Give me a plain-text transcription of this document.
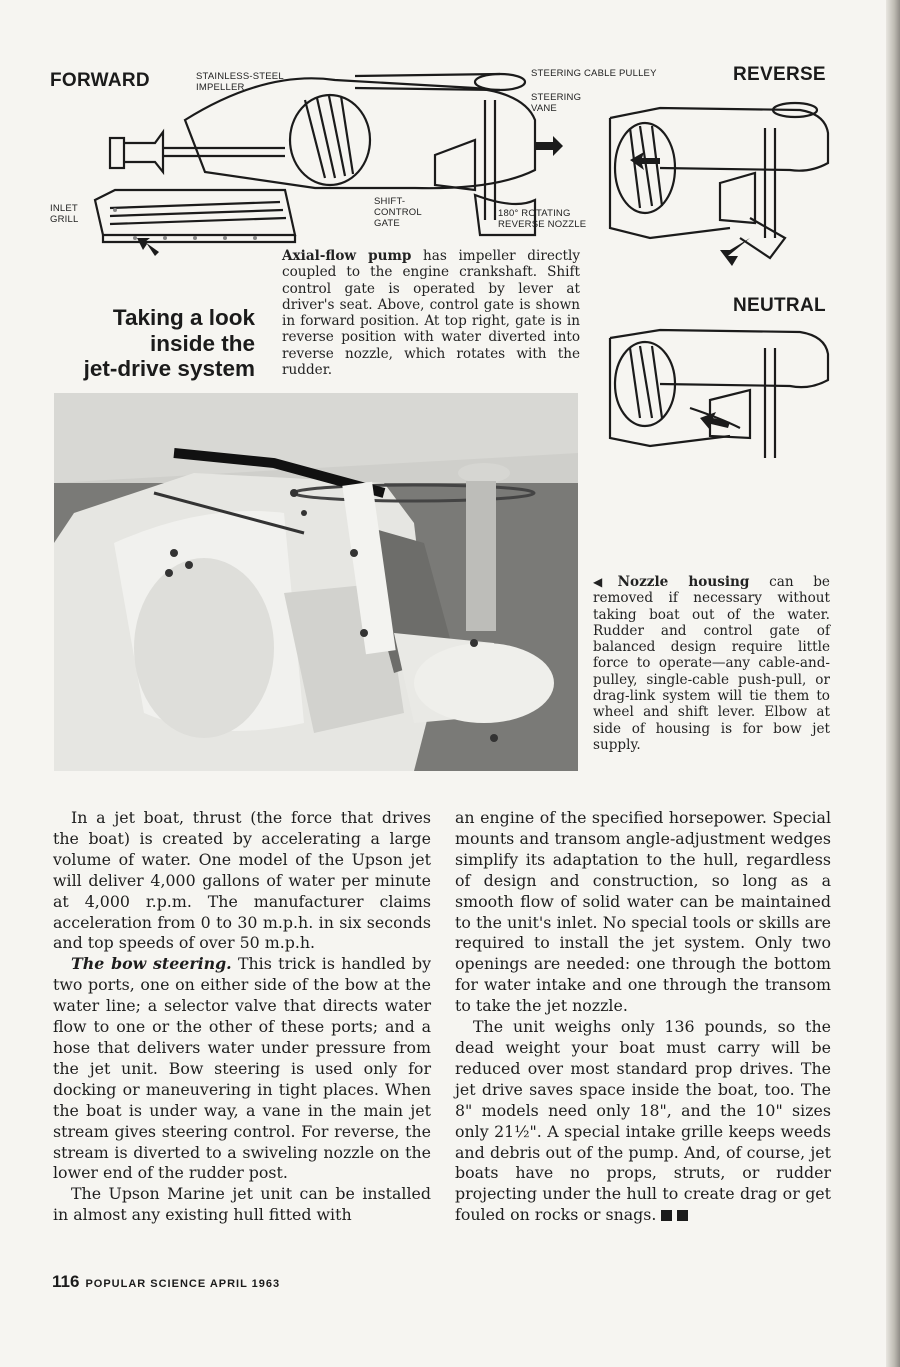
FORWARD	STAINLESS-STEEL
IMPELLER
STEERING CABLE PULLEY
STEERING
VANE
INLET
GRILL
SHIFT-
CONTROL
GATE
180° ROTATING
REVERSE NOZZLE
REVERSE
NEUTRAL
Taking a look
inside the
jet-drive system
Axial-flow pump has impeller directly coupled to the engine crankshaft. Shift control gate is operated by lever at driver's seat. Above, control gate is shown in forward position. At top right, gate is in reverse position with water diverted into reverse nozzle, which rotates with the rudder.
◀Nozzle housing can be removed if necessary without taking boat out of the water. Rudder and control gate of balanced design require little force to operate—any cable-and-pulley, single-cable push-pull, or drag-link system will tie them to wheel and shift lever. Elbow at side of housing is for bow jet supply.

In a jet boat, thrust (the force that drives the boat) is created by accelerating a large volume of water. One model of the Upson jet will deliver 4,000 gallons of water per minute at 4,000 r.p.m. The manufacturer claims acceleration from 0 to 30 m.p.h. in six seconds and top speeds of over 50 m.p.h.

The bow steering. This trick is handled by two ports, one on either side of the bow at the water line; a selector valve that directs water flow to one or the other of these ports; and a hose that delivers water under pressure from the jet unit. Bow steering is used only for docking or maneuvering in tight places. When the boat is under way, a vane in the main jet stream gives steering control. For reverse, the stream is diverted to a swiveling nozzle on the lower end of the rudder post.

The Upson Marine jet unit can be installed in almost any existing hull fitted with

an engine of the specified horsepower. Special mounts and transom angle-adjustment wedges simplify its adaptation to the hull, regardless of design and construction, so long as a smooth flow of solid water can be maintained to the unit's inlet. No special tools or skills are required to install the jet system. Only two openings are needed: one through the bottom for water intake and one through the transom to take the jet nozzle.

The unit weighs only 136 pounds, so the dead weight your boat must carry will be reduced over most standard prop drives. The jet drive saves space inside the boat, too. The 8" models need only 18", and the 10" sizes only 21½". A special intake grille keeps weeds and debris out of the pump. And, of course, jet boats have no props, struts, or rudder projecting under the hull to create drag or get fouled on rocks or snags.

116 POPULAR SCIENCE APRIL 1963
